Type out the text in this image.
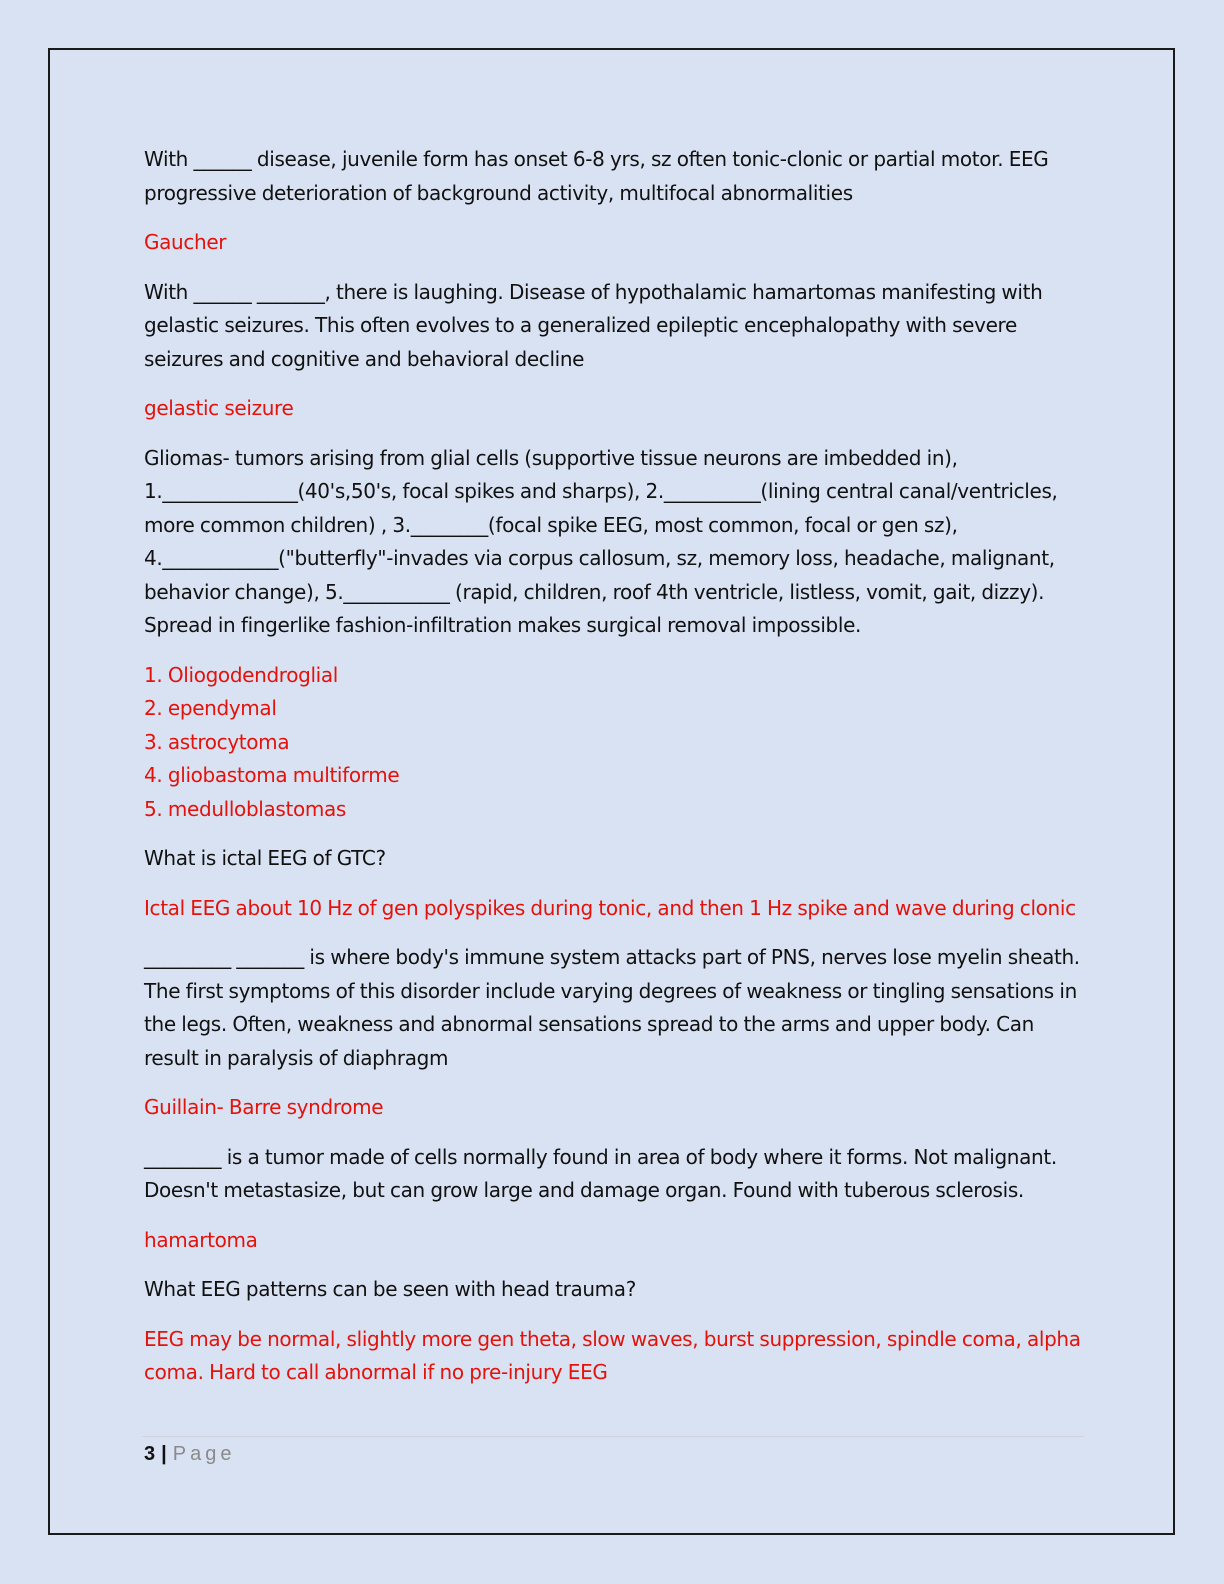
With ______ disease, juvenile form has onset 6-8 yrs, sz often tonic-clonic or partial motor. EEG progressive deterioration of background activity, multifocal abnormalities

Gaucher

With ______ _______, there is laughing. Disease of hypothalamic hamartomas manifesting with gelastic seizures. This often evolves to a generalized epileptic encephalopathy with severe seizures and cognitive and behavioral decline

gelastic seizure

Gliomas- tumors arising from glial cells (supportive tissue neurons are imbedded in), 1.______________(40's,50's, focal spikes and sharps), 2.__________(lining central canal/ventricles, more common children) , 3.________(focal spike EEG, most common, focal or gen sz), 4.____________("butterfly"-invades via corpus callosum, sz, memory loss, headache, malignant, behavior change), 5.___________ (rapid, children, roof 4th ventricle, listless, vomit, gait, dizzy). Spread in fingerlike fashion-infiltration makes surgical removal impossible.

1. Oliogodendroglial
2. ependymal
3. astrocytoma
4. gliobastoma multiforme
5. medulloblastomas

What is ictal EEG of GTC?

Ictal EEG about 10 Hz of gen polyspikes during tonic, and then 1 Hz spike and wave during clonic

_________ _______ is where body's immune system attacks part of PNS, nerves lose myelin sheath. The first symptoms of this disorder include varying degrees of weakness or tingling sensations in the legs. Often, weakness and abnormal sensations spread to the arms and upper body. Can result in paralysis of diaphragm

Guillain- Barre syndrome

________ is a tumor made of cells normally found in area of body where it forms. Not malignant. Doesn't metastasize, but can grow large and damage organ. Found with tuberous sclerosis.

hamartoma

What EEG patterns can be seen with head trauma?

EEG may be normal, slightly more gen theta, slow waves, burst suppression, spindle coma, alpha coma. Hard to call abnormal if no pre-injury EEG

3 | Page
